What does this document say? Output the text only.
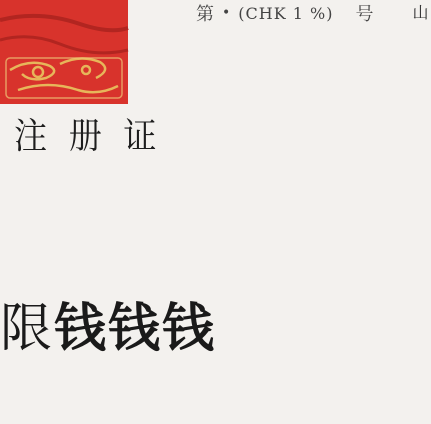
注 册 证
第 • (CHK 1 %) 号 山
限 钱 钱 钱
